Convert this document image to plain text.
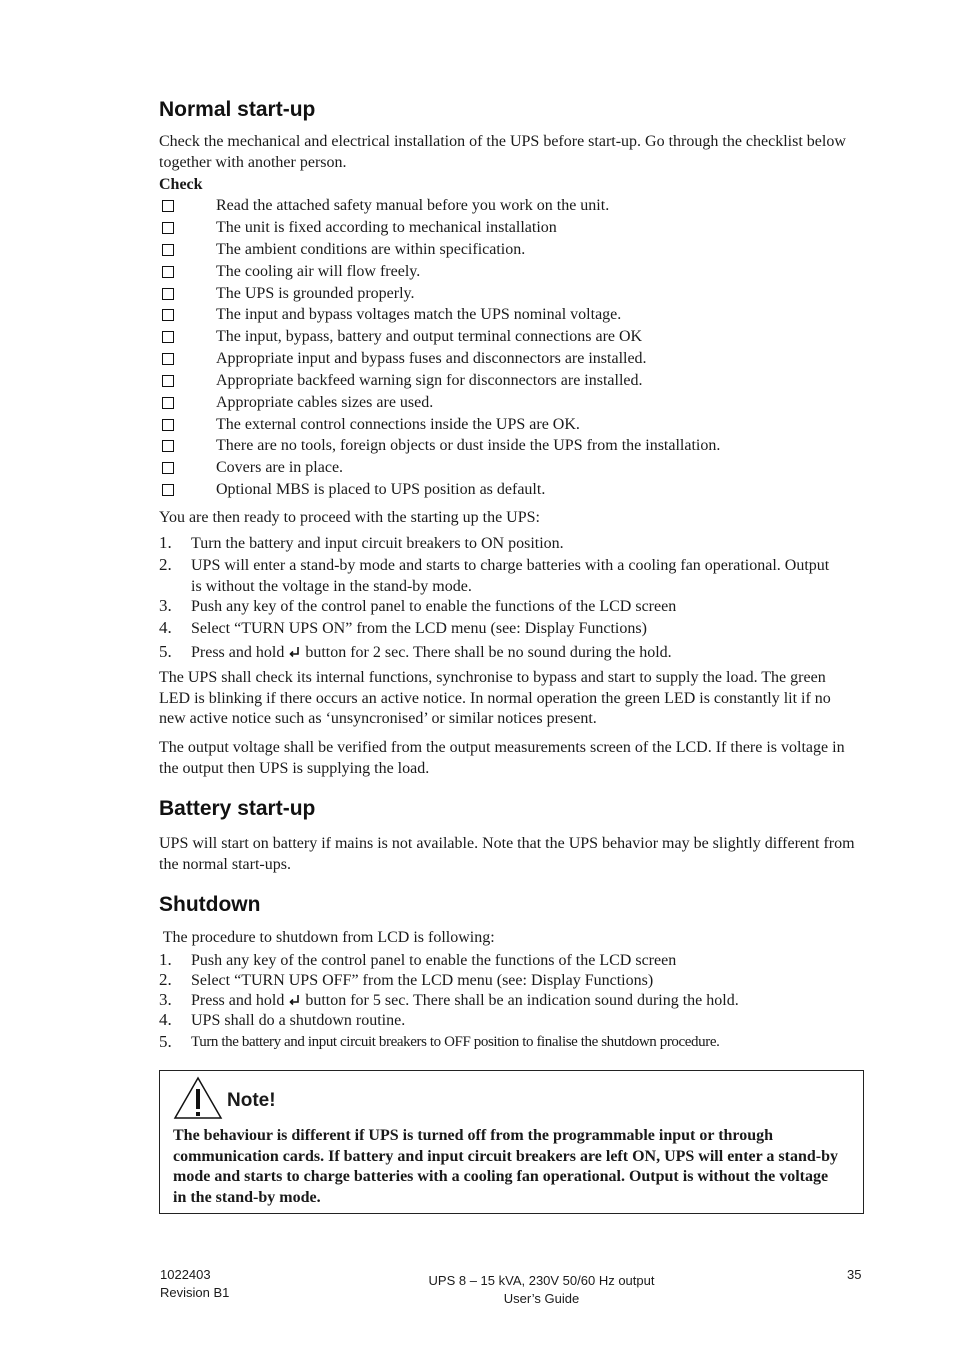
Normal start-up

Check the mechanical and electrical installation of the UPS before start-up. Go through the checklist below together with another person.

Check
Read the attached safety manual before you work on the unit.
The unit is fixed according to mechanical installation
The ambient conditions are within specification.
The cooling air will flow freely.
The UPS is grounded properly.
The input and bypass voltages match the UPS nominal voltage.
The input, bypass, battery and output terminal connections are OK
Appropriate input and bypass fuses and disconnectors are installed.
Appropriate backfeed warning sign for disconnectors are installed.
Appropriate cables sizes are used.
The external control connections inside the UPS are OK.
There are no tools, foreign objects or dust inside the UPS from the installation.
Covers are in place.
Optional MBS is placed to UPS position as default.

You are then ready to proceed with the starting up the UPS:

1. Turn the battery and input circuit breakers to ON position.
2. UPS will enter a stand-by mode and starts to charge batteries with a cooling fan operational. Output is without the voltage in the stand-by mode.
3. Push any key of the control panel to enable the functions of the LCD screen
4. Select “TURN UPS ON” from the LCD menu (see: Display Functions)
5. Press and hold button for 2 sec. There shall be no sound during the hold.

The UPS shall check its internal functions, synchronise to bypass and start to supply the load. The green LED is blinking if there occurs an active notice. In normal operation the green LED is constantly lit if no new active notice such as ‘unsyncronised’ or similar notices present.

The output voltage shall be verified from the output measurements screen of the LCD. If there is voltage in the output then UPS is supplying the load.

Battery start-up

UPS will start on battery if mains is not available. Note that the UPS behavior may be slightly different from the normal start-ups.

Shutdown

The procedure to shutdown from LCD is following:

1. Push any key of the control panel to enable the functions of the LCD screen
2. Select “TURN UPS OFF” from the LCD menu (see: Display Functions)
3. Press and hold button for 5 sec. There shall be an indication sound during the hold.
4. UPS shall do a shutdown routine.
5. Turn the battery and input circuit breakers to OFF position to finalise the shutdown procedure.
Note!
The behaviour is different if UPS is turned off from the programmable input or through communication cards. If battery and input circuit breakers are left ON, UPS will enter a stand-by mode and starts to charge batteries with a cooling fan operational. Output is without the voltage in the stand-by mode.
1022403
Revision B1
UPS 8 – 15 kVA, 230V 50/60 Hz output
User’s Guide
35
